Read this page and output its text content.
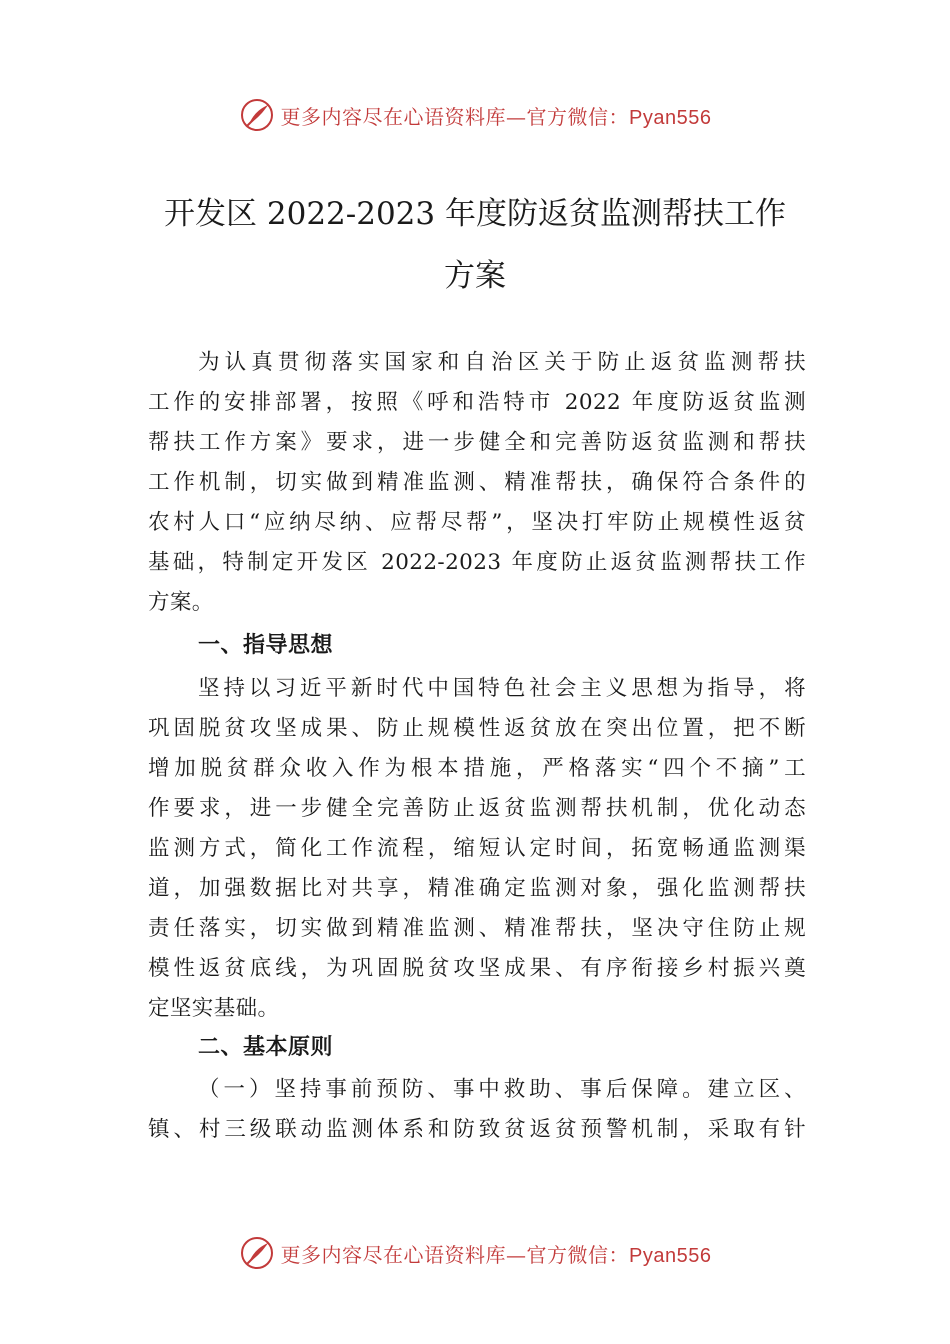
更多内容尽在心语资料库—官方微信：Pyan556
开发区 2022-2023 年度防返贫监测帮扶工作
方案
为认真贯彻落实国家和自治区关于防止返贫监测帮扶
工作的安排部署，按照《呼和浩特市 2022 年度防返贫监测
帮扶工作方案》要求，进一步健全和完善防返贫监测和帮扶
工作机制，切实做到精准监测、精准帮扶，确保符合条件的
农村人口“应纳尽纳、应帮尽帮”，坚决打牢防止规模性返贫
基础，特制定开发区 2022-2023 年度防止返贫监测帮扶工作
方案。
一、指导思想
坚持以习近平新时代中国特色社会主义思想为指导，将
巩固脱贫攻坚成果、防止规模性返贫放在突出位置，把不断
增加脱贫群众收入作为根本措施，严格落实“四个不摘”工
作要求，进一步健全完善防止返贫监测帮扶机制，优化动态
监测方式，简化工作流程，缩短认定时间，拓宽畅通监测渠
道，加强数据比对共享，精准确定监测对象，强化监测帮扶
责任落实，切实做到精准监测、精准帮扶，坚决守住防止规
模性返贫底线，为巩固脱贫攻坚成果、有序衔接乡村振兴奠
定坚实基础。
二、基本原则
（一）坚持事前预防、事中救助、事后保障。建立区、
镇、村三级联动监测体系和防致贫返贫预警机制，采取有针
更多内容尽在心语资料库—官方微信：Pyan556
